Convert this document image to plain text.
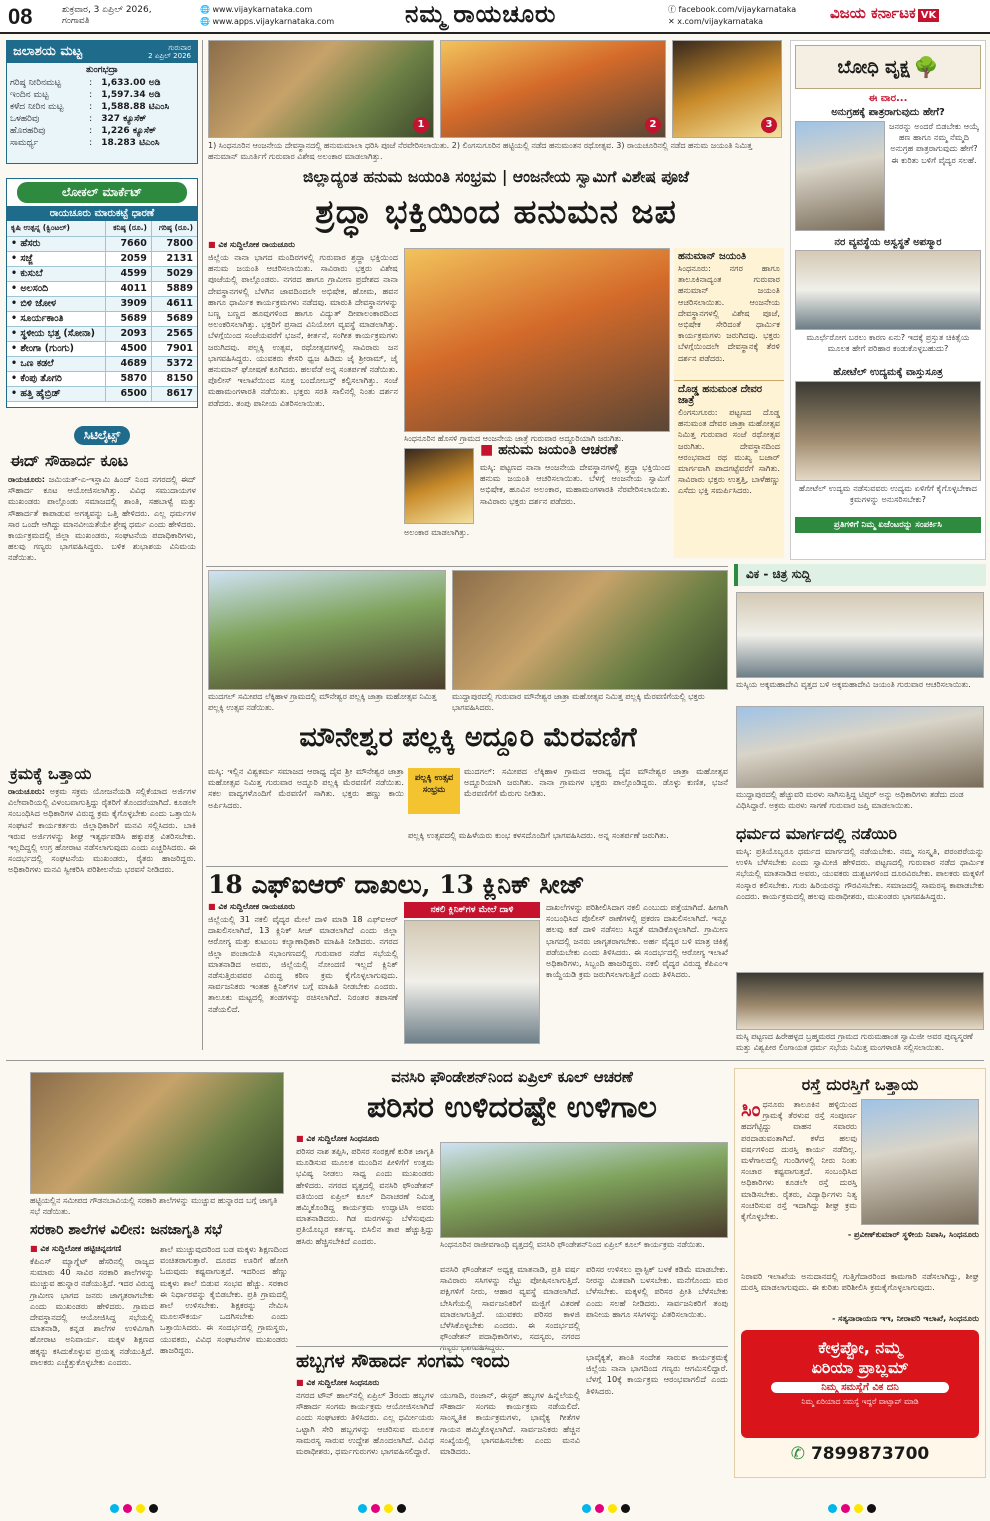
08	ಶುಕ್ರವಾರ, 3 ಏಪ್ರಿಲ್ 2026,
ಗಂಗಾವತಿ
🌐 www.vijaykarnataka.com
🌐 www.apps.vijaykarnataka.com	ನಮ್ಮ ರಾಯಚೂರು	ⓕ facebook.com/vijaykarnataka
✕ x.com/vijaykarnataka	ವಿಜಯ ಕರ್ನಾಟಕ VK
ಜಲಾಶಯ ಮಟ್ಟ	ಗುರುವಾರ
2 ಏಪ್ರಿಲ್ 2026
ತುಂಗಭದ್ರಾ
ಗರಿಷ್ಠ ನೀರಿನಮಟ್ಟ	:	1,633.00 ಅಡಿ
ಇಂದಿನ ಮಟ್ಟ	:	1,597.34 ಅಡಿ
ಕಳೆದ ನೀರಿನ ಮಟ್ಟ	:	1,588.88 ಟಿಎಂಸಿ
ಒಳಹರಿವು	:	327 ಕ್ಯೂಸೆಕ್
ಹೊರಹರಿವು	:	1,226 ಕ್ಯೂಸೆಕ್
ಸಾಮರ್ಥ್ಯ	:	18.283 ಟಿಎಂಸಿ
ಲೋಕಲ್ ಮಾರ್ಕೆಟ್
ರಾಯಚೂರು ಮಾರುಕಟ್ಟೆ ಧಾರಣೆ
ಕೃಷಿ ಉತ್ಪನ್ನ (ಕ್ವಿಂಟಲ್)	ಕನಿಷ್ಠ (ರೂ.)	ಗರಿಷ್ಠ (ರೂ.)
• ಹೆಸರು	7660	7800
• ಸಜ್ಜೆ	2059	2131
• ಕುಸುಬೆ	4599	5029
• ಅಲಸಂದಿ	4011	5889
• ಬಿಳಿ ಜೋಳ	3909	4611
• ಸೂರ್ಯಕಾಂತಿ	5689	5689
• ಸ್ಥಳೀಯ ಭತ್ತ (ಸೋನಾ)	2093	2565
• ಶೇಂಗಾ (ಗುಂಗು)	4500	7901
• ಒಣ ಕಡಲೆ	4689	5372
• ಕೆಂಪು ತೊಗರಿ	5870	8150
• ಹತ್ತಿ ಹೈಬ್ರಿಡ್	6500	8617
ಸಿಟಿಲೈಟ್ಸ್
ಈದ್ ಸೌಹಾರ್ದ ಕೂಟ
ರಾಯಚೂರು: ಜಮಿಯತ್-ಎ-ಇಸ್ಲಾಮಿ ಹಿಂದ್ ನಿಂದ ನಗರದಲ್ಲಿ ಈದ್ ಸೌಹಾರ್ದ ಕೂಟ ಆಯೋಜಿಸಲಾಗಿತ್ತು. ವಿವಿಧ ಸಮುದಾಯಗಳ ಮುಖಂಡರು ಪಾಲ್ಗೊಂಡು ಸಮಾಜದಲ್ಲಿ ಶಾಂತಿ, ಸಹಬಾಳ್ವೆ ಮತ್ತು ಸೌಹಾರ್ದತೆ ಕಾಪಾಡುವ ಅಗತ್ಯವನ್ನು ಒತ್ತಿ ಹೇಳಿದರು. ಎಲ್ಲ ಧರ್ಮಗಳ ಸಾರ ಒಂದೇ ಆಗಿದ್ದು ಮಾನವೀಯತೆಯೇ ಶ್ರೇಷ್ಠ ಧರ್ಮ ಎಂದು ಹೇಳಿದರು. ಕಾರ್ಯಕ್ರಮದಲ್ಲಿ ಜಿಲ್ಲಾ ಮುಖಂಡರು, ಸಂಘಟನೆಯ ಪದಾಧಿಕಾರಿಗಳು, ಹಲವು ಗಣ್ಯರು ಭಾಗವಹಿಸಿದ್ದರು. ಬಳಿಕ ಶುಭಾಶಯ ವಿನಿಮಯ ನಡೆಯಿತು.
ಕ್ರಮಕ್ಕೆ ಒತ್ತಾಯ
ರಾಯಚೂರು: ಅಕ್ರಮ ಸಕ್ರಮ ಯೋಜನೆಯಡಿ ಸಲ್ಲಿಕೆಯಾದ ಅರ್ಜಿಗಳ ವಿಲೇವಾರಿಯಲ್ಲಿ ವಿಳಂಬವಾಗುತ್ತಿದ್ದು ರೈತರಿಗೆ ತೊಂದರೆಯಾಗಿದೆ. ಕೂಡಲೇ ಸಂಬಂಧಿಸಿದ ಅಧಿಕಾರಿಗಳ ವಿರುದ್ಧ ಕ್ರಮ ಕೈಗೊಳ್ಳಬೇಕು ಎಂದು ಒತ್ತಾಯಿಸಿ ಸಂಘಟನೆ ಕಾರ್ಯಕರ್ತರು ಜಿಲ್ಲಾಧಿಕಾರಿಗೆ ಮನವಿ ಸಲ್ಲಿಸಿದರು. ಬಾಕಿ ಇರುವ ಅರ್ಜಿಗಳನ್ನು ಶೀಘ್ರ ಇತ್ಯರ್ಥಪಡಿಸಿ ಹಕ್ಕುಪತ್ರ ವಿತರಿಸಬೇಕು. ಇಲ್ಲದಿದ್ದಲ್ಲಿ ಉಗ್ರ ಹೋರಾಟ ನಡೆಸಲಾಗುವುದು ಎಂದು ಎಚ್ಚರಿಸಿದರು. ಈ ಸಂದರ್ಭದಲ್ಲಿ ಸಂಘಟನೆಯ ಮುಖಂಡರು, ರೈತರು ಹಾಜರಿದ್ದರು. ಅಧಿಕಾರಿಗಳು ಮನವಿ ಸ್ವೀಕರಿಸಿ ಪರಿಶೀಲನೆಯ ಭರವಸೆ ನೀಡಿದರು.
1	2	3
1) ಸಿಂಧನೂರಿನ ಆಂಜನೇಯ ದೇವಸ್ಥಾನದಲ್ಲಿ ಹನುಮಮಾಲಾ ಧರಿಸಿ ಪೂಜೆ ನೆರವೇರಿಸಲಾಯಿತು. 2) ಲಿಂಗಸುಗೂರಿನ ಹಟ್ಟಿಯಲ್ಲಿ ನಡೆದ ಹನುಮಂತನ ರಥೋತ್ಸವ. 3) ರಾಯಚೂರಿನಲ್ಲಿ ನಡೆದ ಹನುಮ ಜಯಂತಿ ನಿಮಿತ್ತ ಹನುಮಾನ್ ಮೂರ್ತಿಗೆ ಗುರುವಾರ ವಿಶೇಷ ಅಲಂಕಾರ ಮಾಡಲಾಗಿತ್ತು.
ಜಿಲ್ಲಾದ್ಯಂತ ಹನುಮ ಜಯಂತಿ ಸಂಭ್ರಮ | ಆಂಜನೇಯ ಸ್ವಾಮಿಗೆ ವಿಶೇಷ ಪೂಜೆ
ಶ್ರದ್ಧಾ ಭಕ್ತಿಯಿಂದ ಹನುಮನ ಜಪ
■ ವಿಕ ಸುದ್ದಿಲೋಕ ರಾಯಚೂರು
ಜಿಲ್ಲೆಯ ನಾನಾ ಭಾಗದ ಮಂದಿರಗಳಲ್ಲಿ ಗುರುವಾರ ಶ್ರದ್ಧಾ ಭಕ್ತಿಯಿಂದ ಹನುಮ ಜಯಂತಿ ಆಚರಿಸಲಾಯಿತು. ಸಾವಿರಾರು ಭಕ್ತರು ವಿಶೇಷ ಪೂಜೆಯಲ್ಲಿ ಪಾಲ್ಗೊಂಡರು. ನಗರದ ಹಾಗೂ ಗ್ರಾಮೀಣ ಪ್ರದೇಶದ ನಾನಾ ದೇವಸ್ಥಾನಗಳಲ್ಲಿ ಬೆಳಗಿನ ಜಾವದಿಂದಲೇ ಅಭಿಷೇಕ, ಹೋಮ, ಹವನ ಹಾಗೂ ಧಾರ್ಮಿಕ ಕಾರ್ಯಕ್ರಮಗಳು ನಡೆದವು. ಮಾರುತಿ ದೇವಸ್ಥಾನಗಳನ್ನು ಬಣ್ಣ ಬಣ್ಣದ ಹೂವುಗಳಿಂದ ಹಾಗೂ ವಿದ್ಯುತ್ ದೀಪಾಲಂಕಾರದಿಂದ ಅಲಂಕರಿಸಲಾಗಿತ್ತು. ಭಕ್ತರಿಗೆ ಪ್ರಸಾದ ವಿನಿಯೋಗ ವ್ಯವಸ್ಥೆ ಮಾಡಲಾಗಿತ್ತು. ಬೆಳಗ್ಗೆಯಿಂದ ಸಂಜೆಯವರೆಗೆ ಭಜನೆ, ಕೀರ್ತನೆ, ಸಂಗೀತ ಕಾರ್ಯಕ್ರಮಗಳು ಜರುಗಿದವು. ಪಲ್ಲಕ್ಕಿ ಉತ್ಸವ, ರಥೋತ್ಸವಗಳಲ್ಲಿ ಸಾವಿರಾರು ಜನ ಭಾಗವಹಿಸಿದ್ದರು. ಯುವಕರು ಕೇಸರಿ ಧ್ವಜ ಹಿಡಿದು ಜೈ ಶ್ರೀರಾಮ್, ಜೈ ಹನುಮಾನ್ ಘೋಷಣೆ ಕೂಗಿದರು. ಹಲವೆಡೆ ಅನ್ನ ಸಂತರ್ಪಣೆ ನಡೆಯಿತು. ಪೊಲೀಸ್ ಇಲಾಖೆಯಿಂದ ಸೂಕ್ತ ಬಂದೋಬಸ್ತ್ ಕಲ್ಪಿಸಲಾಗಿತ್ತು. ಸಂಜೆ ಮಹಾಮಂಗಳಾರತಿ ನಡೆಯಿತು. ಭಕ್ತರು ಸರತಿ ಸಾಲಿನಲ್ಲಿ ನಿಂತು ದರ್ಶನ ಪಡೆದರು. ತಂಪು ಪಾನೀಯ ವಿತರಿಸಲಾಯಿತು.
ಸಿಂಧನೂರಿನ ಹೊಸಳಿ ಗ್ರಾಮದ ಆಂಜನೇಯ ಜಾತ್ರೆ ಗುರುವಾರ ಅದ್ದೂರಿಯಾಗಿ ಜರುಗಿತು.
ಹನುಮಾನ್ ಜಯಂತಿ
ಸಿಂಧನೂರು: ನಗರ ಹಾಗೂ ತಾಲೂಕಿನಾದ್ಯಂತ ಗುರುವಾರ ಹನುಮಾನ್ ಜಯಂತಿ ಆಚರಿಸಲಾಯಿತು. ಆಂಜನೇಯ ದೇವಸ್ಥಾನಗಳಲ್ಲಿ ವಿಶೇಷ ಪೂಜೆ, ಅಭಿಷೇಕ ಸೇರಿದಂತೆ ಧಾರ್ಮಿಕ ಕಾರ್ಯಕ್ರಮಗಳು ಜರುಗಿದವು. ಭಕ್ತರು ಬೆಳಗ್ಗೆಯಿಂದಲೇ ದೇವಸ್ಥಾನಕ್ಕೆ ತೆರಳಿ ದರ್ಶನ ಪಡೆದರು.
ದೊಡ್ಡ ಹನುಮಂತ ದೇವರ ಜಾತ್ರೆ
ಲಿಂಗಸುಗೂರು: ಪಟ್ಟಣದ ದೊಡ್ಡ ಹನುಮಂತ ದೇವರ ಜಾತ್ರಾ ಮಹೋತ್ಸವ ನಿಮಿತ್ತ ಗುರುವಾರ ಸಂಜೆ ರಥೋತ್ಸವ ಜರುಗಿತು. ದೇವಸ್ಥಾನದಿಂದ ಆರಂಭವಾದ ರಥ ಮುಖ್ಯ ಬಜಾರ್ ಮಾರ್ಗವಾಗಿ ಪಾದಗಟ್ಟೆವರೆಗೆ ಸಾಗಿತು. ಸಾವಿರಾರು ಭಕ್ತರು ಉತ್ತತ್ತಿ, ಬಾಳೆಹಣ್ಣು ಎಸೆದು ಭಕ್ತಿ ಸಮರ್ಪಿಸಿದರು.
■ ಹನುಮ ಜಯಂತಿ ಆಚರಣೆ
ಮಸ್ಕಿ: ಪಟ್ಟಣದ ನಾನಾ ಆಂಜನೇಯ ದೇವಸ್ಥಾನಗಳಲ್ಲಿ ಶ್ರದ್ಧಾ ಭಕ್ತಿಯಿಂದ ಹನುಮ ಜಯಂತಿ ಆಚರಿಸಲಾಯಿತು. ಬೆಳಗ್ಗೆ ಆಂಜನೇಯ ಸ್ವಾಮಿಗೆ ಅಭಿಷೇಕ, ಹೂವಿನ ಅಲಂಕಾರ, ಮಹಾಮಂಗಳಾರತಿ ನೆರವೇರಿಸಲಾಯಿತು. ಸಾವಿರಾರು ಭಕ್ತರು ದರ್ಶನ ಪಡೆದರು.
ಅಲಂಕಾರ ಮಾಡಲಾಗಿತ್ತು.
ಬೋಧಿ ವೃಕ್ಷ 🌳
ಈ ವಾರ...
ಅನುಗ್ರಹಕ್ಕೆ ಪಾತ್ರರಾಗುವುದು ಹೇಗೆ?
ಜನರನ್ನು ಅಂದರೆ ಬಿಡಬೇಕು ಆಯ್ಕೆ ಹಣ ಹಾಗೂ ನಮ್ಮ ನೆಮ್ಮದಿ ಅನುಗ್ರಹ ಪಾತ್ರರಾಗುವುದು ಹೇಗೆ? ಈ ಕುರಿತು ಬಳಿಗೆ ವೈದ್ಯರ ಸಲಹೆ.
ನರ ವ್ಯವಸ್ಥೆಯ ಅಸ್ವಸ್ಥತೆ ಅಪಸ್ಮಾರ
ಮೂರ್ಛೆರೋಗ ಬರಲು ಕಾರಣ ಏನು? ಇದಕ್ಕೆ ಪ್ರಸ್ತುತ ಚಿಕಿತ್ಸೆಯ ಮೂಲಕ ಹೇಗೆ ಪರಿಹಾರ ಕಂಡುಕೊಳ್ಳಬಹುದು?
ಹೋಟೆಲ್ ಉದ್ಯಮಕ್ಕೆ ವಾಸ್ತುಸೂತ್ರ
ಹೋಟೆಲ್ ಉದ್ಯಮ ನಡೆಸುವವರು ಉದ್ಯಮ ಏಳಿಗೆಗೆ ಕೈಗೊಳ್ಳಬೇಕಾದ ಕ್ರಮಗಳನ್ನು ಅನುಸರಿಸಬೇಕು?
ಪ್ರತಿಗಳಿಗೆ ನಿಮ್ಮ ಏಜೆಂಟರನ್ನು ಸಂಪರ್ಕಿಸಿ
ಮುದಗಲ್ ಸಮೀಪದ ಲೆಕ್ಕಿಹಾಳ ಗ್ರಾಮದಲ್ಲಿ ಮೌನೇಶ್ವರ ಪಲ್ಲಕ್ಕಿ ಜಾತ್ರಾ ಮಹೋತ್ಸವ ನಿಮಿತ್ತ ಪಲ್ಲಕ್ಕಿ ಉತ್ಸವ ನಡೆಯಿತು.
ಮುದ್ದಾಪುರದಲ್ಲಿ ಗುರುವಾರ ಮೌನೇಶ್ವರ ಜಾತ್ರಾ ಮಹೋತ್ಸವ ನಿಮಿತ್ತ ಪಲ್ಲಕ್ಕಿ ಮೆರವಣಿಗೆಯಲ್ಲಿ ಭಕ್ತರು ಭಾಗವಹಿಸಿದರು.
ಮೌನೇಶ್ವರ ಪಲ್ಲಕ್ಕಿ ಅದ್ದೂರಿ ಮೆರವಣಿಗೆ
ಮಸ್ಕಿ: ಇಲ್ಲಿನ ವಿಶ್ವಕರ್ಮ ಸಮಾಜದ ಆರಾಧ್ಯ ದೈವ ಶ್ರೀ ಮೌನೇಶ್ವರ ಜಾತ್ರಾ ಮಹೋತ್ಸವ ನಿಮಿತ್ತ ಗುರುವಾರ ಅದ್ದೂರಿ ಪಲ್ಲಕ್ಕಿ ಮೆರವಣಿಗೆ ನಡೆಯಿತು. ಸಕಲ ವಾದ್ಯಗಳೊಂದಿಗೆ ಮೆರವಣಿಗೆ ಸಾಗಿತು. ಭಕ್ತರು ಹಣ್ಣು ಕಾಯಿ ಅರ್ಪಿಸಿದರು.
ಪಲ್ಲಕ್ಕಿ ಉತ್ಸವ ಸಂಭ್ರಮ
ಮುದಗಲ್: ಸಮೀಪದ ಲೆಕ್ಕಿಹಾಳ ಗ್ರಾಮದ ಆರಾಧ್ಯ ದೈವ ಮೌನೇಶ್ವರ ಜಾತ್ರಾ ಮಹೋತ್ಸವ ಅದ್ದೂರಿಯಾಗಿ ಜರುಗಿತು. ನಾನಾ ಗ್ರಾಮಗಳ ಭಕ್ತರು ಪಾಲ್ಗೊಂಡಿದ್ದರು. ಡೊಳ್ಳು ಕುಣಿತ, ಭಜನೆ ಮೆರವಣಿಗೆಗೆ ಮೆರುಗು ನೀಡಿತು.
ಪಲ್ಲಕ್ಕಿ ಉತ್ಸವದಲ್ಲಿ ಮಹಿಳೆಯರು ಕುಂಭ ಕಳಸದೊಂದಿಗೆ ಭಾಗವಹಿಸಿದರು. ಅನ್ನ ಸಂತರ್ಪಣೆ ಜರುಗಿತು.
18 ಎಫ್ಐಆರ್ ದಾಖಲು, 13 ಕ್ಲಿನಿಕ್ ಸೀಜ್
■ ವಿಕ ಸುದ್ದಿಲೋಕ ರಾಯಚೂರು
ಜಿಲ್ಲೆಯಲ್ಲಿ 31 ನಕಲಿ ವೈದ್ಯರ ಮೇಲೆ ದಾಳಿ ಮಾಡಿ 18 ಎಫ್ಐಆರ್ ದಾಖಲಿಸಲಾಗಿದೆ, 13 ಕ್ಲಿನಿಕ್ ಸೀಜ್ ಮಾಡಲಾಗಿದೆ ಎಂದು ಜಿಲ್ಲಾ ಆರೋಗ್ಯ ಮತ್ತು ಕುಟುಂಬ ಕಲ್ಯಾಣಾಧಿಕಾರಿ ಮಾಹಿತಿ ನೀಡಿದರು. ನಗರದ ಜಿಲ್ಲಾ ಪಂಚಾಯಿತಿ ಸಭಾಂಗಣದಲ್ಲಿ ಗುರುವಾರ ನಡೆದ ಸಭೆಯಲ್ಲಿ ಮಾತನಾಡಿದ ಅವರು, ಜಿಲ್ಲೆಯಲ್ಲಿ ನೋಂದಣಿ ಇಲ್ಲದೆ ಕ್ಲಿನಿಕ್ ನಡೆಸುತ್ತಿರುವವರ ವಿರುದ್ಧ ಕಠಿಣ ಕ್ರಮ ಕೈಗೊಳ್ಳಲಾಗುವುದು. ಸಾರ್ವಜನಿಕರು ಇಂತಹ ಕ್ಲಿನಿಕ್‌ಗಳ ಬಗ್ಗೆ ಮಾಹಿತಿ ನೀಡಬೇಕು ಎಂದರು. ತಾಲೂಕು ಮಟ್ಟದಲ್ಲಿ ತಂಡಗಳನ್ನು ರಚಿಸಲಾಗಿದೆ. ನಿರಂತರ ತಪಾಸಣೆ ನಡೆಯಲಿದೆ.
ನಕಲಿ ಕ್ಲಿನಿಕ್‌ಗಳ ಮೇಲೆ ದಾಳಿ	ದಾಖಲೆಗಳನ್ನು ಪರಿಶೀಲಿಸಿದಾಗ ನಕಲಿ ಎಂಬುದು ಪತ್ತೆಯಾಗಿದೆ. ಹೀಗಾಗಿ ಸಂಬಂಧಿಸಿದ ಪೊಲೀಸ್ ಠಾಣೆಗಳಲ್ಲಿ ಪ್ರಕರಣ ದಾಖಲಿಸಲಾಗಿದೆ. ಇನ್ನೂ ಹಲವು ಕಡೆ ದಾಳಿ ನಡೆಸಲು ಸಿದ್ಧತೆ ಮಾಡಿಕೊಳ್ಳಲಾಗಿದೆ. ಗ್ರಾಮೀಣ ಭಾಗದಲ್ಲಿ ಜನರು ಜಾಗೃತರಾಗಬೇಕು. ಅರ್ಹ ವೈದ್ಯರ ಬಳಿ ಮಾತ್ರ ಚಿಕಿತ್ಸೆ ಪಡೆಯಬೇಕು ಎಂದು ತಿಳಿಸಿದರು. ಈ ಸಂದರ್ಭದಲ್ಲಿ ಆರೋಗ್ಯ ಇಲಾಖೆ ಅಧಿಕಾರಿಗಳು, ಸಿಬ್ಬಂದಿ ಹಾಜರಿದ್ದರು. ನಕಲಿ ವೈದ್ಯರ ವಿರುದ್ಧ ಕೆಪಿಎಂಇ ಕಾಯ್ದೆಯಡಿ ಕ್ರಮ ಜರುಗಿಸಲಾಗುತ್ತಿದೆ ಎಂದು ತಿಳಿಸಿದರು.
ವಿಕ - ಚಿತ್ರ ಸುದ್ದಿ
ಮಸ್ಕಿಯ ಅಕ್ಕಮಹಾದೇವಿ ವೃತ್ತದ ಬಳಿ ಅಕ್ಕಮಹಾದೇವಿ ಜಯಂತಿ ಗುರುವಾರ ಆಚರಿಸಲಾಯಿತು.
ಮುದ್ದಾಪುರದಲ್ಲಿ ಹೆಚ್ಚುವರಿ ಮರಳು ಸಾಗಿಸುತ್ತಿದ್ದ ಟಿಪ್ಪರ್ ಅನ್ನು ಅಧಿಕಾರಿಗಳು ತಡೆದು ದಂಡ ವಿಧಿಸಿದ್ದಾರೆ. ಅಕ್ರಮ ಮರಳು ಸಾಗಣೆ ಗುರುವಾರ ಜಪ್ತಿ ಮಾಡಲಾಯಿತು.
ಧರ್ಮದ ಮಾರ್ಗದಲ್ಲಿ ನಡೆಯಿರಿ
ಮಸ್ಕಿ: ಪ್ರತಿಯೊಬ್ಬರೂ ಧರ್ಮದ ಮಾರ್ಗದಲ್ಲಿ ನಡೆಯಬೇಕು. ನಮ್ಮ ಸಂಸ್ಕೃತಿ, ಪರಂಪರೆಯನ್ನು ಉಳಿಸಿ ಬೆಳೆಸಬೇಕು ಎಂದು ಸ್ವಾಮೀಜಿ ಹೇಳಿದರು. ಪಟ್ಟಣದಲ್ಲಿ ಗುರುವಾರ ನಡೆದ ಧಾರ್ಮಿಕ ಸಭೆಯಲ್ಲಿ ಮಾತನಾಡಿದ ಅವರು, ಯುವಕರು ದುಶ್ಚಟಗಳಿಂದ ದೂರವಿರಬೇಕು. ಪಾಲಕರು ಮಕ್ಕಳಿಗೆ ಸಂಸ್ಕಾರ ಕಲಿಸಬೇಕು. ಗುರು ಹಿರಿಯರನ್ನು ಗೌರವಿಸಬೇಕು. ಸಮಾಜದಲ್ಲಿ ಸಾಮರಸ್ಯ ಕಾಪಾಡಬೇಕು ಎಂದರು. ಕಾರ್ಯಕ್ರಮದಲ್ಲಿ ಹಲವು ಮಠಾಧೀಶರು, ಮುಖಂಡರು ಭಾಗವಹಿಸಿದ್ದರು.
ಮಸ್ಕಿ ಪಟ್ಟಣದ ಹಿರೇಹಳ್ಳದ ಬ್ರಹ್ಮಮಠದ ಗ್ರಾಮದ ಗುರುಮಹಾಂತ ಸ್ವಾಮಿಜೀ ಅವರ ಪುಣ್ಯಸ್ಮರಣೆ ಮತ್ತು ವಿಶ್ವಪೀಠ ಲಿಂಗಾಯತ ಧರ್ಮ ಸಭೆಯ ನಿಮಿತ್ತ ಮಂಗಳಾರತಿ ಸಲ್ಲಿಸಲಾಯಿತು.
ಹಟ್ಟಿಯಲ್ಲಿನ ಸಮೀಪದ ಗೌಡನಬಾವಿಯಲ್ಲಿ ಸರಕಾರಿ ಶಾಲೆಗಳನ್ನು ಮುಚ್ಚುವ ಹುನ್ನಾರದ ಬಗ್ಗೆ ಜಾಗೃತಿ ಸಭೆ ನಡೆಯಿತು.
ಸರಕಾರಿ ಶಾಲೆಗಳ ವಿಲೀನ: ಜನಜಾಗೃತಿ ಸಭೆ
■ ವಿಕ ಸುದ್ದಿಲೋಕ ಹಟ್ಟಿಚಿನ್ನದಗಣಿ
ಕೆಪಿಎಸ್ ಮ್ಯಾಗ್ನೆಟ್ ಹೆಸರಿನಲ್ಲಿ ರಾಜ್ಯದ ಸುಮಾರು 40 ಸಾವಿರ ಸರಕಾರಿ ಶಾಲೆಗಳನ್ನು ಮುಚ್ಚುವ ಹುನ್ನಾರ ನಡೆಯುತ್ತಿದೆ. ಇದರ ವಿರುದ್ಧ ಗ್ರಾಮೀಣ ಭಾಗದ ಜನರು ಜಾಗೃತರಾಗಬೇಕು ಎಂದು ಮುಖಂಡರು ಹೇಳಿದರು. ಗ್ರಾಮದ ದೇವಸ್ಥಾನದಲ್ಲಿ ಆಯೋಜಿಸಿದ್ದ ಸಭೆಯಲ್ಲಿ ಮಾತನಾಡಿ, ಕನ್ನಡ ಶಾಲೆಗಳ ಉಳಿವಿಗಾಗಿ ಹೋರಾಟ ಅನಿವಾರ್ಯ. ಮಕ್ಕಳ ಶಿಕ್ಷಣದ ಹಕ್ಕನ್ನು ಕಸಿದುಕೊಳ್ಳುವ ಪ್ರಯತ್ನ ನಡೆಯುತ್ತಿದೆ. ಪಾಲಕರು ಎಚ್ಚೆತ್ತುಕೊಳ್ಳಬೇಕು ಎಂದರು.
ಶಾಲೆ ಮುಚ್ಚುವುದರಿಂದ ಬಡ ಮಕ್ಕಳು ಶಿಕ್ಷಣದಿಂದ ವಂಚಿತರಾಗುತ್ತಾರೆ. ದೂರದ ಊರಿಗೆ ಹೋಗಿ ಓದುವುದು ಕಷ್ಟವಾಗುತ್ತದೆ. ಇದರಿಂದ ಹೆಣ್ಣು ಮಕ್ಕಳು ಶಾಲೆ ಬಿಡುವ ಸಂಭವ ಹೆಚ್ಚು. ಸರಕಾರ ಈ ನಿರ್ಧಾರವನ್ನು ಕೈಬಿಡಬೇಕು. ಪ್ರತಿ ಗ್ರಾಮದಲ್ಲಿ ಶಾಲೆ ಉಳಿಸಬೇಕು. ಶಿಕ್ಷಕರನ್ನು ನೇಮಿಸಿ ಮೂಲಸೌಕರ್ಯ ಒದಗಿಸಬೇಕು ಎಂದು ಒತ್ತಾಯಿಸಿದರು. ಈ ಸಂದರ್ಭದಲ್ಲಿ ಗ್ರಾಮಸ್ಥರು, ಯುವಕರು, ವಿವಿಧ ಸಂಘಟನೆಗಳ ಮುಖಂಡರು ಹಾಜರಿದ್ದರು.
ವನಸಿರಿ ಫೌಂಡೇಶನ್‌ನಿಂದ ಏಪ್ರಿಲ್ ಕೂಲ್ ಆಚರಣೆ
ಪರಿಸರ ಉಳಿದರಷ್ಟೇ ಉಳಿಗಾಲ
■ ವಿಕ ಸುದ್ದಿಲೋಕ ಸಿಂಧನೂರು
ಪರಿಸರ ನಾಶ ತಪ್ಪಿಸಿ, ಪರಿಸರ ಸಂರಕ್ಷಣೆ ಕುರಿತ ಜಾಗೃತಿ ಮೂಡಿಸುವ ಮೂಲಕ ಮುಂದಿನ ಪೀಳಿಗೆಗೆ ಉತ್ತಮ ಭವಿಷ್ಯ ನೀಡಲು ಸಾಧ್ಯ ಎಂದು ಮುಖಂಡರು ಹೇಳಿದರು. ನಗರದ ವೃತ್ತದಲ್ಲಿ ವನಸಿರಿ ಫೌಂಡೇಶನ್ ವತಿಯಿಂದ ಏಪ್ರಿಲ್ ಕೂಲ್ ದಿನಾಚರಣೆ ನಿಮಿತ್ತ ಹಮ್ಮಿಕೊಂಡಿದ್ದ ಕಾರ್ಯಕ್ರಮ ಉದ್ಘಾಟಿಸಿ ಅವರು ಮಾತನಾಡಿದರು. ಗಿಡ ಮರಗಳನ್ನು ಬೆಳೆಸುವುದು ಪ್ರತಿಯೊಬ್ಬರ ಕರ್ತವ್ಯ. ಬಿಸಿಲಿನ ತಾಪ ಹೆಚ್ಚುತ್ತಿದ್ದು ಹಸಿರು ಹೆಚ್ಚಿಸಬೇಕಿದೆ ಎಂದರು.	ಸಿಂಧನೂರಿನ ರಾಜೀವಗಾಂಧಿ ವೃತ್ತದಲ್ಲಿ ವನಸಿರಿ ಫೌಂಡೇಶನ್‌ನಿಂದ ಏಪ್ರಿಲ್ ಕೂಲ್ ಕಾರ್ಯಕ್ರಮ ನಡೆಯಿತು.
ವನಸಿರಿ ಫೌಂಡೇಶನ್ ಅಧ್ಯಕ್ಷ ಮಾತನಾಡಿ, ಪ್ರತಿ ವರ್ಷ ಸಾವಿರಾರು ಸಸಿಗಳನ್ನು ನೆಟ್ಟು ಪೋಷಿಸಲಾಗುತ್ತಿದೆ. ಪಕ್ಷಿಗಳಿಗೆ ನೀರು, ಆಹಾರ ವ್ಯವಸ್ಥೆ ಮಾಡಲಾಗಿದೆ. ಬೇಸಿಗೆಯಲ್ಲಿ ಸಾರ್ವಜನಿಕರಿಗೆ ಮಜ್ಜಿಗೆ ವಿತರಣೆ ಮಾಡಲಾಗುತ್ತಿದೆ. ಯುವಕರು ಪರಿಸರ ಕಾಳಜಿ ಬೆಳೆಸಿಕೊಳ್ಳಬೇಕು ಎಂದರು. ಈ ಸಂದರ್ಭದಲ್ಲಿ ಫೌಂಡೇಶನ್ ಪದಾಧಿಕಾರಿಗಳು, ಸದಸ್ಯರು, ನಗರದ ಗಣ್ಯರು ಭಾಗವಹಿಸಿದ್ದರು.
ಪರಿಸರ ಉಳಿಸಲು ಪ್ಲಾಸ್ಟಿಕ್ ಬಳಕೆ ಕಡಿಮೆ ಮಾಡಬೇಕು. ನೀರನ್ನು ಮಿತವಾಗಿ ಬಳಸಬೇಕು. ಮನೆಗೊಂದು ಮರ ಬೆಳೆಸಬೇಕು. ಮಕ್ಕಳಲ್ಲಿ ಪರಿಸರ ಪ್ರೀತಿ ಬೆಳೆಸಬೇಕು ಎಂದು ಸಲಹೆ ನೀಡಿದರು. ಸಾರ್ವಜನಿಕರಿಗೆ ತಂಪು ಪಾನೀಯ ಹಾಗೂ ಸಸಿಗಳನ್ನು ವಿತರಿಸಲಾಯಿತು.
ಹಬ್ಬಗಳ ಸೌಹಾರ್ದ ಸಂಗಮ ಇಂದು
■ ವಿಕ ಸುದ್ದಿಲೋಕ ಸಿಂಧನೂರು
ನಗರದ ಟೌನ್ ಹಾಲ್‌ನಲ್ಲಿ ಏಪ್ರಿಲ್ 3ರಂದು ಹಬ್ಬಗಳ ಸೌಹಾರ್ದ ಸಂಗಮ ಕಾರ್ಯಕ್ರಮ ಆಯೋಜಿಸಲಾಗಿದೆ ಎಂದು ಸಂಘಟಕರು ತಿಳಿಸಿದರು. ಎಲ್ಲ ಧರ್ಮೀಯರು ಒಟ್ಟಾಗಿ ಸೇರಿ ಹಬ್ಬಗಳನ್ನು ಆಚರಿಸುವ ಮೂಲಕ ಸಾಮರಸ್ಯ ಸಾರುವ ಉದ್ದೇಶ ಹೊಂದಲಾಗಿದೆ. ವಿವಿಧ ಮಠಾಧೀಶರು, ಧರ್ಮಗುರುಗಳು ಭಾಗವಹಿಸಲಿದ್ದಾರೆ.
ಯುಗಾದಿ, ರಂಜಾನ್, ಈಸ್ಟರ್ ಹಬ್ಬಗಳ ಹಿನ್ನೆಲೆಯಲ್ಲಿ ಸೌಹಾರ್ದ ಸಂಗಮ ಕಾರ್ಯಕ್ರಮ ನಡೆಯಲಿದೆ. ಸಾಂಸ್ಕೃತಿಕ ಕಾರ್ಯಕ್ರಮಗಳು, ಭಾವೈಕ್ಯ ಗೀತೆಗಳ ಗಾಯನ ಹಮ್ಮಿಕೊಳ್ಳಲಾಗಿದೆ. ಸಾರ್ವಜನಿಕರು ಹೆಚ್ಚಿನ ಸಂಖ್ಯೆಯಲ್ಲಿ ಭಾಗವಹಿಸಬೇಕು ಎಂದು ಮನವಿ ಮಾಡಿದರು.
ಭಾವೈಕ್ಯತೆ, ಶಾಂತಿ ಸಂದೇಶ ಸಾರುವ ಕಾರ್ಯಕ್ರಮಕ್ಕೆ ಜಿಲ್ಲೆಯ ನಾನಾ ಭಾಗದಿಂದ ಗಣ್ಯರು ಆಗಮಿಸಲಿದ್ದಾರೆ. ಬೆಳಗ್ಗೆ 10ಕ್ಕೆ ಕಾರ್ಯಕ್ರಮ ಆರಂಭವಾಗಲಿದೆ ಎಂದು ತಿಳಿಸಿದರು.
ರಸ್ತೆ ದುರಸ್ತಿಗೆ ಒತ್ತಾಯ
ಸಿಂಧನೂರು ತಾಲೂಕಿನ ಹಳ್ಳಿಯಿಂದ ಗ್ರಾಮಕ್ಕೆ ತೆರಳುವ ರಸ್ತೆ ಸಂಪೂರ್ಣ ಹದಗೆಟ್ಟಿದ್ದು ವಾಹನ ಸವಾರರು ಪರದಾಡುವಂತಾಗಿದೆ. ಕಳೆದ ಹಲವು ವರ್ಷಗಳಿಂದ ದುರಸ್ತಿ ಕಾರ್ಯ ನಡೆದಿಲ್ಲ. ಮಳೆಗಾಲದಲ್ಲಿ ಗುಂಡಿಗಳಲ್ಲಿ ನೀರು ನಿಂತು ಸಂಚಾರ ಕಷ್ಟವಾಗುತ್ತದೆ. ಸಂಬಂಧಿಸಿದ ಅಧಿಕಾರಿಗಳು ಕೂಡಲೇ ರಸ್ತೆ ದುರಸ್ತಿ ಮಾಡಿಸಬೇಕು. ರೈತರು, ವಿದ್ಯಾರ್ಥಿಗಳು ನಿತ್ಯ ಸಂಚರಿಸುವ ರಸ್ತೆ ಇದಾಗಿದ್ದು ಶೀಘ್ರ ಕ್ರಮ ಕೈಗೊಳ್ಳಬೇಕು.
- ಪ್ರವೀಣ್‌ಕುಮಾರ್ ಸ್ಥಳೀಯ ನಿವಾಸಿ, ಸಿಂಧನೂರು
ನಿರಾವರಿ ಇಲಾಖೆಯ ಅನುದಾನದಲ್ಲಿ ಗುತ್ತಿಗೆದಾರರಿಂದ ಕಾಮಗಾರಿ ನಡೆಸಲಾಗಿದ್ದು, ಶೀಘ್ರ ದುರಸ್ತಿ ಮಾಡಲಾಗುವುದು. ಈ ಕುರಿತು ಪರಿಶೀಲಿಸಿ ಕ್ರಮಕೈಗೊಳ್ಳಲಾಗುವುದು.
- ಸತ್ಯನಾರಾಯಣ ಇಇ, ನೀರಾವರಿ ಇಲಾಖೆ, ಸಿಂಧನೂರು
ಕೇಳ್ರಪ್ಪೋ, ನಮ್ಮ
ಏರಿಯಾ ಪ್ರಾಬ್ಲಮ್
ನಿಮ್ಮ ಸಮಸ್ಯೆಗೆ ವಿಕ ದನಿ
ನಿಮ್ಮ ಏರಿಯಾದ ಸಮಸ್ಯೆ ಇದ್ದರೆ ವಾಟ್ಸಾಪ್ ಮಾಡಿ
✆ 7899873700
